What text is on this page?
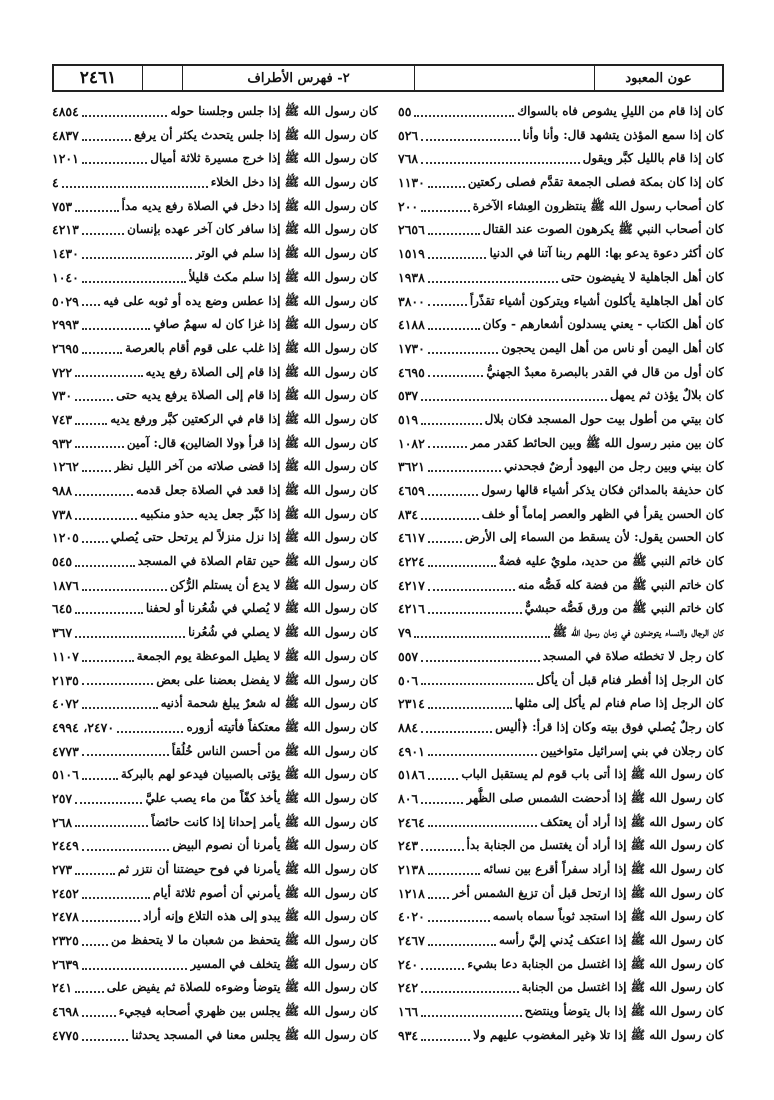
عون المعبود
٢- فهرس الأطراف
٢٤٦١
كان إذا قام من الليلِ يشوص فاه بالسواك
٥٥
كان إذا سمع المؤذن يتشهد قال: وأنا وأنا
٥٢٦
كان إذا قام بالليل كبَّر ويقول
٧٦٨
كان إذا كان بمكة فصلى الجمعة تقدَّم فصلى ركعتين
١١٣٠
كان أصحاب رسول الله ﷺ ينتظرون العِشاء الآخرة
٢٠٠
كان أصحاب النبي ﷺ يكرهون الصوت عند القتال
٢٦٥٦
كان أكثر دعوة يدعو بها: اللهم ربنا آتنا في الدنيا
١٥١٩
كان أهل الجاهلية لا يفيضون حتى
١٩٣٨
كان أهل الجاهلية يأكلون أشياء ويتركون أشياء تقذّراً
٣٨٠٠
كان أهل الكتاب - يعني يسدلون أشعارهم - وكان
٤١٨٨
كان أهل اليمن أو ناس من أهل اليمن يحجون
١٧٣٠
كان أول من قال في القدر بالبصرة معبدٌ الجهنيُّ
٤٦٩٥
كان بلالٌ يؤذن ثم يمهل
٥٣٧
كان بيتي من أطول بيت حول المسجد فكان بلال
٥١٩
كان بين منبر رسول الله ﷺ وبين الحائط كقدر ممر
١٠٨٢
كان بيني وبين رجل من اليهود أرضٌ فجحدني
٣٦٢١
كان حذيفة بالمدائن فكان يذكر أشياء قالها رسول
٤٦٥٩
كان الحسن يقرأ في الظهر والعصر إماماً أو خلف
٨٣٤
كان الحسن يقول: لأن يسقط من السماء إلى الأرض
٤٦١٧
كان خاتم النبي ﷺ من حديد، ملويٌ عليه فضةٌ
٤٢٢٤
كان خاتم النبي ﷺ من فضة كله فَصُّه منه
٤٢١٧
كان خاتم النبي ﷺ من ورق فَصُّه حبشيٌّ
٤٢١٦
كان الرجال والنساء يتوضئون في زمان رسول الله ﷺ
٧٩
كان رجل لا تخطئه صلاة في المسجد
٥٥٧
كان الرجل إذا أفطر فنام قبل أن يأكل
٥٠٦
كان الرجل إذا صام فنام لم يأكل إلى مثلها
٢٣١٤
كان رجلٌ يُصلي فوق بيته وكان إذا قرأ: ﴿أليس
٨٨٤
كان رجلان في بني إسرائيل متواخيين
٤٩٠١
كان رسول الله ﷺ إذا أتى باب قوم لم يستقبل الباب
٥١٨٦
كان رسول الله ﷺ إذا أدحضت الشمس صلى الظُّهر
٨٠٦
كان رسول الله ﷺ إذا أراد أن يعتكف
٢٤٦٤
كان رسول الله ﷺ إذا أراد أن يغتسل من الجنابة بدأ
٢٤٣
كان رسول الله ﷺ إذا أراد سفراً أقرع بين نسائه
٢١٣٨
كان رسول الله ﷺ إذا ارتحل قبل أن تزيغ الشمس أخر
١٢١٨
كان رسول الله ﷺ إذا استجد ثوباً سماه باسمه
٤٠٢٠
كان رسول الله ﷺ إذا اعتكف يُدني إليَّ رأسه
٢٤٦٧
كان رسول الله ﷺ إذا اغتسل من الجنابة دعا بشيء
٢٤٠
كان رسول الله ﷺ إذا اغتسل من الجنابة
٢٤٢
كان رسول الله ﷺ إذا بال يتوضأ وينتضح
١٦٦
كان رسول الله ﷺ إذا تلا ﴿غير المغضوب عليهم ولا
٩٣٤
كان رسول الله ﷺ إذا جلس وجلسنا حوله
٤٨٥٤
كان رسول الله ﷺ إذا جلس يتحدث يكثر أن يرفع
٤٨٣٧
كان رسول الله ﷺ إذا خرج مسيرة ثلاثة أميال
١٢٠١
كان رسول الله ﷺ إذا دخل الخلاء
٤
كان رسول الله ﷺ إذا دخل في الصلاة رفع يديه مداً
٧٥٣
كان رسول الله ﷺ إذا سافر كان آخر عهده بإنسان
٤٢١٣
كان رسول الله ﷺ إذا سلم في الوتر
١٤٣٠
كان رسول الله ﷺ إذا سلم مكث قليلاً
١٠٤٠
كان رسول الله ﷺ إذا عطس وضع يده أو ثوبه على فيه
٥٠٢٩
كان رسول الله ﷺ إذا غزا كان له سهمٌ صافٍ
٢٩٩٣
كان رسول الله ﷺ إذا غلب على قوم أقام بالعرصة
٢٦٩٥
كان رسول الله ﷺ إذا قام إلى الصلاة رفع يديه
٧٢٢
كان رسول الله ﷺ إذا قام إلى الصلاة يرفع يديه حتى
٧٣٠
كان رسول الله ﷺ إذا قام في الركعتين كبَّر ورفع يديه
٧٤٣
كان رسول الله ﷺ إذا قرأ ﴿ولا الضالين﴾ قال: آمين
٩٣٢
كان رسول الله ﷺ إذا قضى صلاته من آخر الليل نظر
١٢٦٢
كان رسول الله ﷺ إذا قعد في الصلاة جعل قدمه
٩٨٨
كان رسول الله ﷺ إذا كبَّر جعل يديه حذو منكبيه
٧٣٨
كان رسول الله ﷺ إذا نزل منزلاً لم يرتحل حتى يُصلي
١٢٠٥
كان رسول الله ﷺ حين تقام الصلاة في المسجد
٥٤٥
كان رسول الله ﷺ لا يدع أن يستلم الرُّكن
١٨٧٦
كان رسول الله ﷺ لا يُصلي في شُعُرنا أو لحفنا
٦٤٥
كان رسول الله ﷺ لا يصلي في شُعُرنا
٣٦٧
كان رسول الله ﷺ لا يطيل الموعظة يوم الجمعة
١١٠٧
كان رسول الله ﷺ لا يفضل بعضنا على بعض
٢١٣٥
كان رسول الله ﷺ له شعرٌ يبلغ شحمة أذنيه
٤٠٧٢
كان رسول الله ﷺ معتكفاً فأتيته أزوره
٢٤٧٠، ٤٩٩٤
كان رسول الله ﷺ من أحسن الناس خُلُقاً
٤٧٧٣
كان رسول الله ﷺ يؤتى بالصبيان فيدعو لهم بالبركة
٥١٠٦
كان رسول الله ﷺ يأخذ كفّاً من ماء يصب عليَّ
٢٥٧
كان رسول الله ﷺ يأمر إحدانا إذا كانت حائضاً
٢٦٨
كان رسول الله ﷺ يأمرنا أن نصوم البيض
٢٤٤٩
كان رسول الله ﷺ يأمرنا في فوح حيضتنا أن نتزر ثم
٢٧٣
كان رسول الله ﷺ يأمرني أن أصوم ثلاثة أيام
٢٤٥٢
كان رسول الله ﷺ يبدو إلى هذه التلاع وإنه أراد
٢٤٧٨
كان رسول الله ﷺ يتحفظ من شعبان ما لا يتحفظ من
٢٣٢٥
كان رسول الله ﷺ يتخلف في المسير
٢٦٣٩
كان رسول الله ﷺ يتوضأ وضوءه للصلاة ثم يفيض على
٢٤١
كان رسول الله ﷺ يجلس بين ظهري أصحابه فيجيء
٤٦٩٨
كان رسول الله ﷺ يجلس معنا في المسجد يحدثنا
٤٧٧٥
